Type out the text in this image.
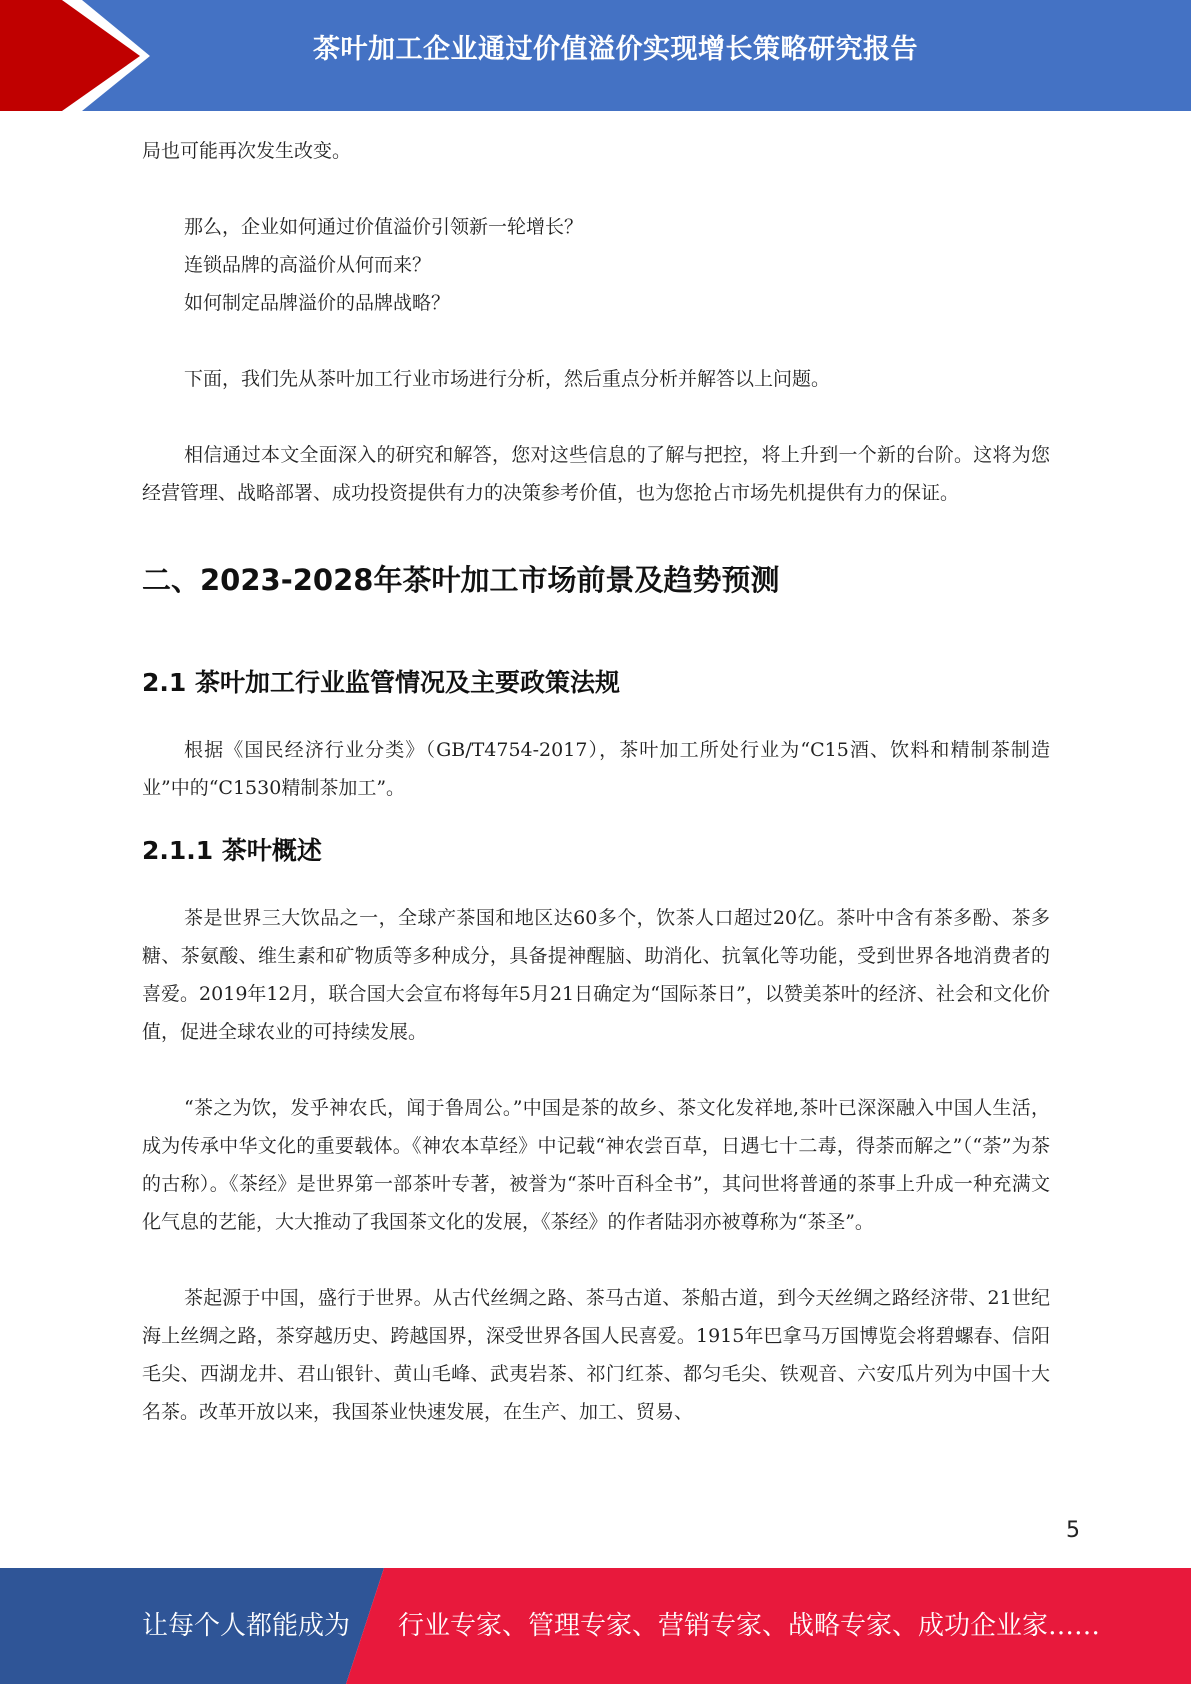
茶叶加工企业通过价值溢价实现增长策略研究报告

局也可能再次发生改变。

那么，企业如何通过价值溢价引领新一轮增长？

连锁品牌的高溢价从何而来？

如何制定品牌溢价的品牌战略？

下面，我们先从茶叶加工行业市场进行分析，然后重点分析并解答以上问题。

相信通过本文全面深入的研究和解答，您对这些信息的了解与把控，将上升到一个新的台阶。这将为您经营管理、战略部署、成功投资提供有力的决策参考价值，也为您抢占市场先机提供有力的保证。

二、2023-2028年茶叶加工市场前景及趋势预测
2.1 茶叶加工行业监管情况及主要政策法规

根据《国民经济行业分类》（GB/T4754-2017），茶叶加工所处行业为“C15酒、饮料和精制茶制造业”中的“C1530精制茶加工”。

2.1.1 茶叶概述

茶是世界三大饮品之一，全球产茶国和地区达60多个，饮茶人口超过20亿。茶叶中含有茶多酚、茶多糖、茶氨酸、维生素和矿物质等多种成分，具备提神醒脑、助消化、抗氧化等功能，受到世界各地消费者的喜爱。2019年12月，联合国大会宣布将每年5月21日确定为“国际茶日”，以赞美茶叶的经济、社会和文化价值，促进全球农业的可持续发展。

“茶之为饮，发乎神农氏，闻于鲁周公。”中国是茶的故乡、茶文化发祥地,茶叶已深深融入中国人生活，成为传承中华文化的重要载体。《神农本草经》中记载“神农尝百草，日遇七十二毒，得荼而解之”（“荼”为茶的古称）。《茶经》是世界第一部茶叶专著，被誉为“茶叶百科全书”，其问世将普通的茶事上升成一种充满文化气息的艺能，大大推动了我国茶文化的发展，《茶经》的作者陆羽亦被尊称为“茶圣”。

茶起源于中国，盛行于世界。从古代丝绸之路、茶马古道、茶船古道，到今天丝绸之路经济带、21世纪海上丝绸之路，茶穿越历史、跨越国界，深受世界各国人民喜爱。1915年巴拿马万国博览会将碧螺春、信阳毛尖、西湖龙井、君山银针、黄山毛峰、武夷岩茶、祁门红茶、都匀毛尖、铁观音、六安瓜片列为中国十大名茶。改革开放以来，我国茶业快速发展，在生产、加工、贸易、

5
让每个人都能成为 行业专家、管理专家、营销专家、战略专家、成功企业家……
